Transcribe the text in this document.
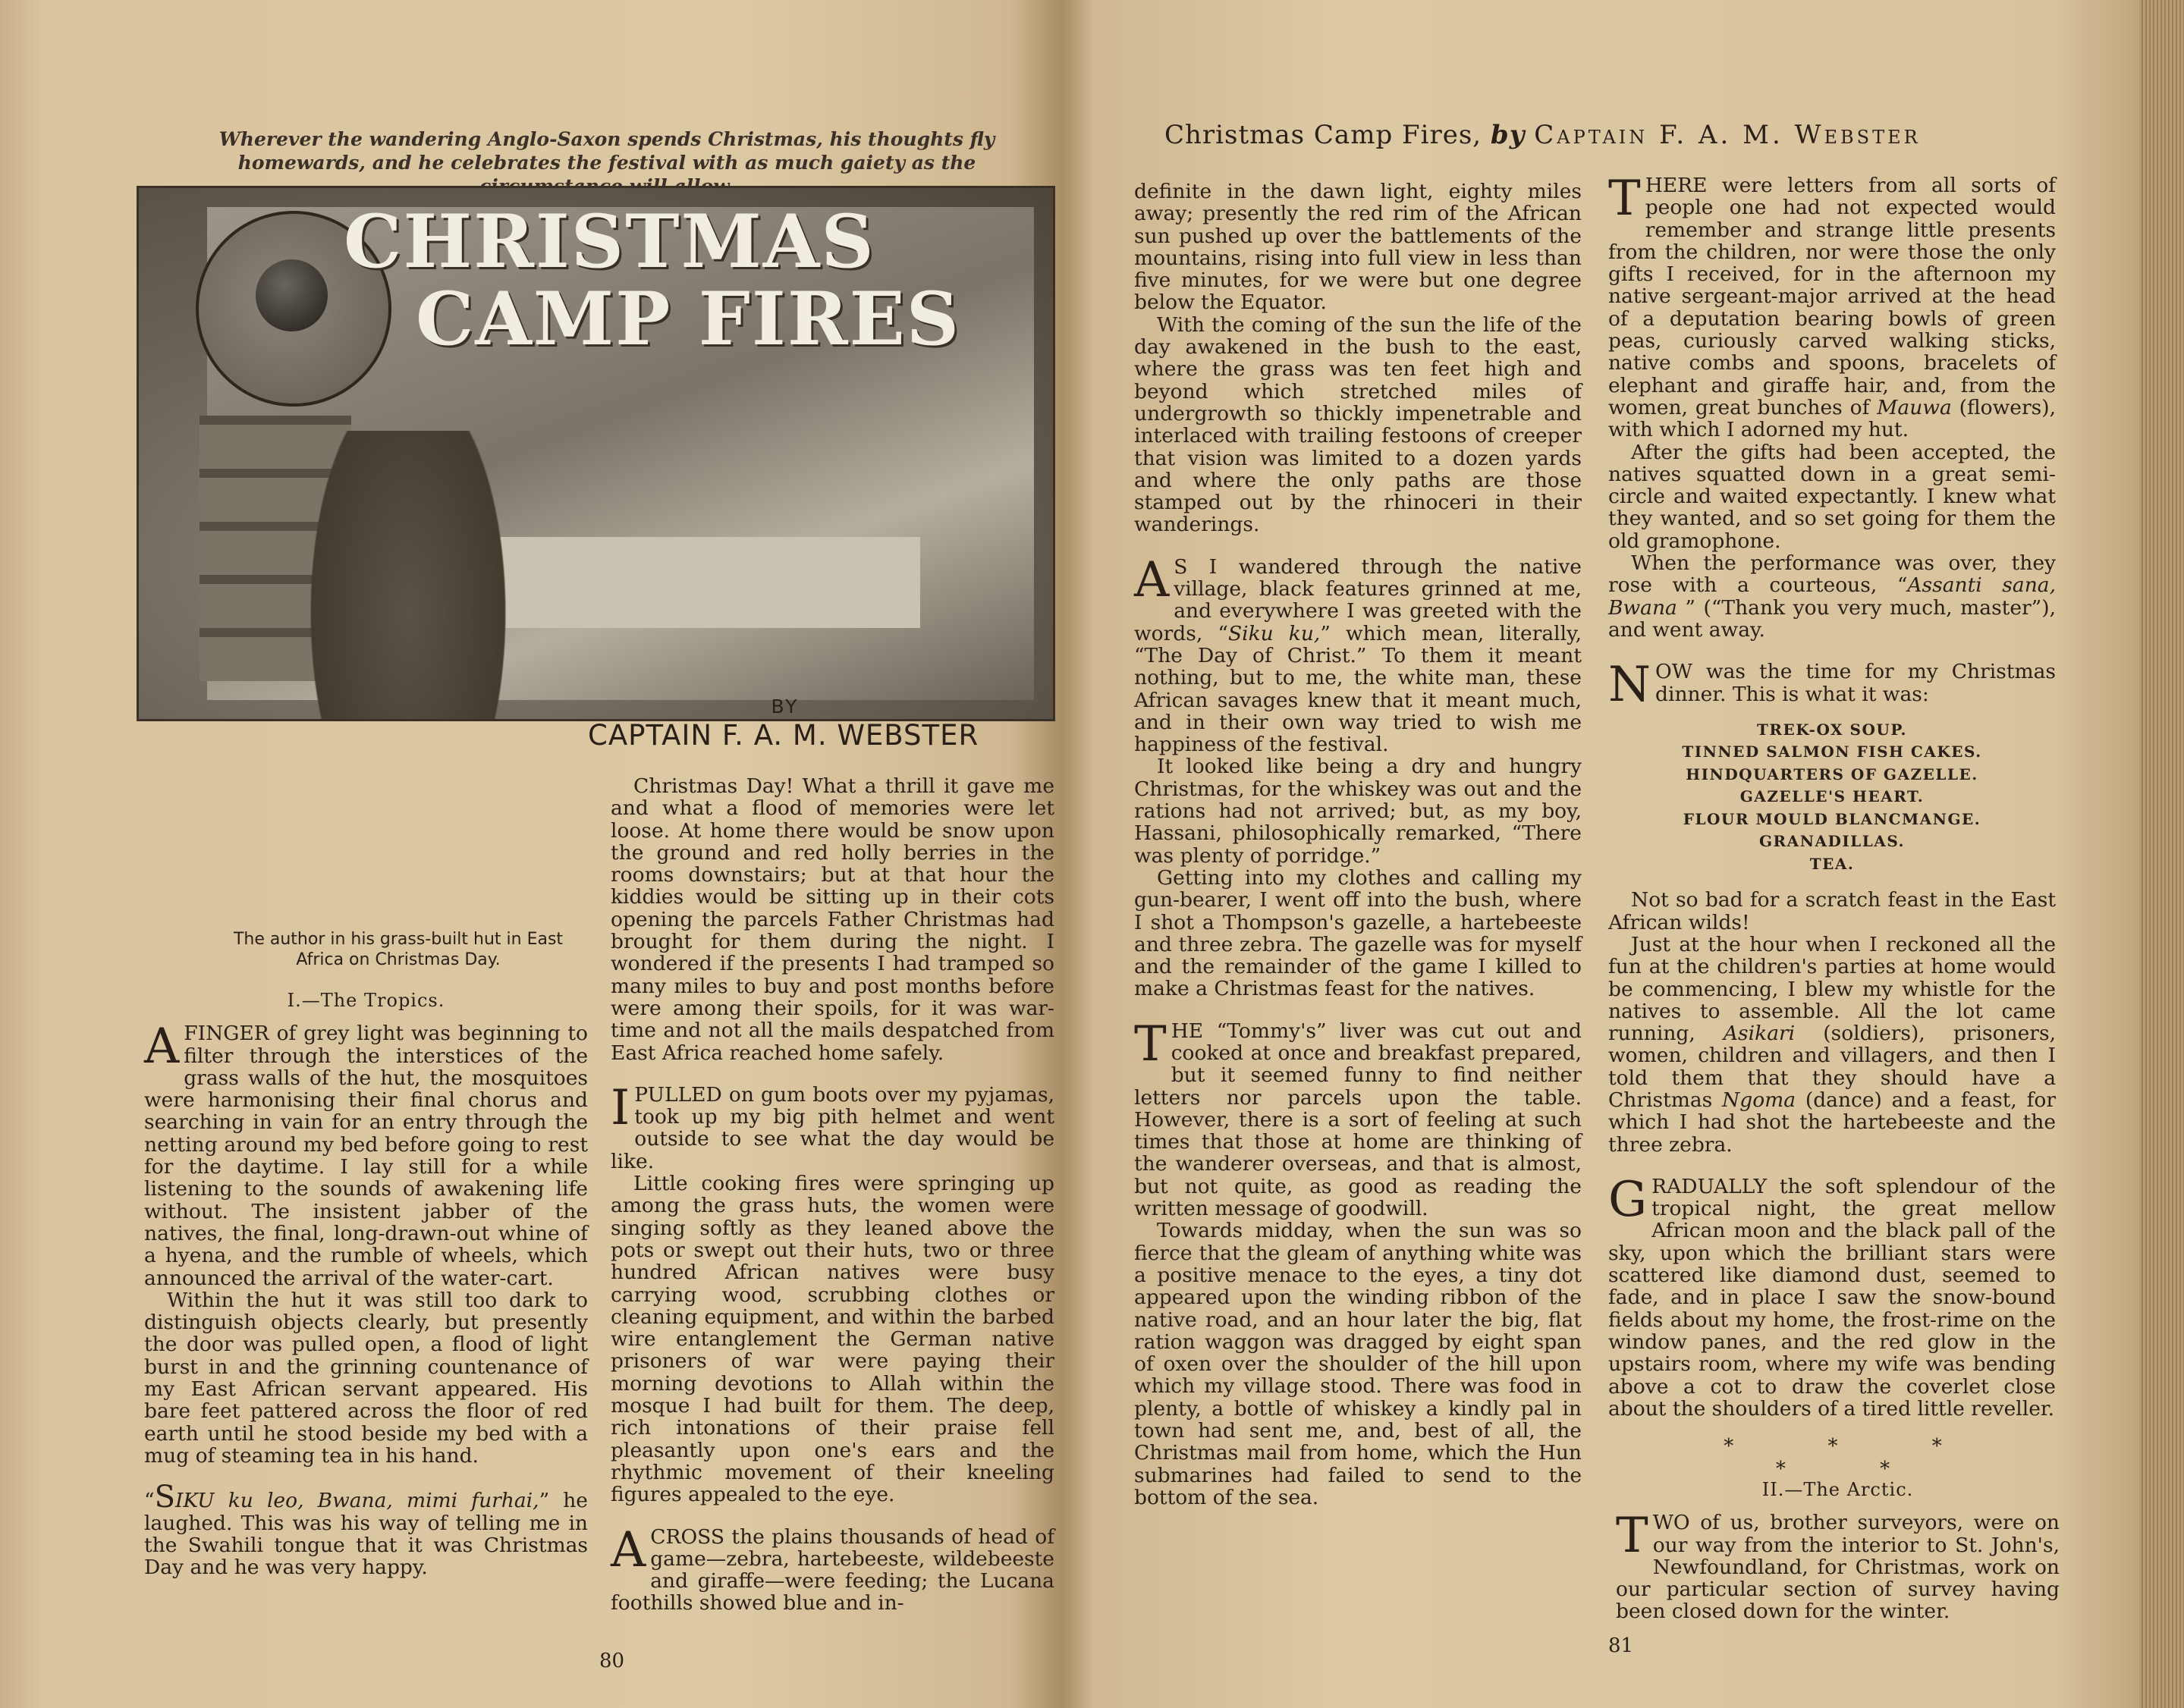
Wherever the wandering Anglo-Saxon spends Christmas, his thoughts fly homewards, and he celebrates the festival with as much gaiety as the
CHRISTMAS
CAMP FIRES
The author in his grass-built hut in East Africa on Christmas Day.
BY
CAPTAIN F. A. M. WEBSTER
I.—The Tropics.

AFINGER of grey light was beginning to filter through the interstices of the grass walls of the hut, the mosquitoes were harmonising their final chorus and searching in vain for an entry through the netting around my bed before going to rest for the daytime. I lay still for a while listening to the sounds of awakening life without. The insistent jabber of the natives, the final, long-drawn-out whine of a hyena, and the rumble of wheels, which announced the arrival of the water-cart.

Within the hut it was still too dark to distinguish objects clearly, but presently the door was pulled open, a flood of light burst in and the grinning countenance of my East African servant appeared. His bare feet pattered across the floor of red earth until he stood beside my bed with a mug of steaming tea in his hand.

“SIKU ku leo, Bwana, mimi furhai,” he laughed. This was his way of telling me in the Swahili tongue that it was Christmas Day and he was very happy.

Christmas Day! What a thrill it gave me and what a flood of memories were let loose. At home there would be snow upon the ground and red holly berries in the rooms downstairs; but at that hour the kiddies would be sitting up in their cots opening the parcels Father Christmas had brought for them during the night. I wondered if the presents I had tramped so many miles to buy and post months before were among their spoils, for it was war-time and not all the mails despatched from East Africa reached home safely.

IPULLED on gum boots over my pyjamas, took up my big pith helmet and went outside to see what the day would be like.

Little cooking fires were springing up among the grass huts, the women were singing softly as they leaned above the pots or swept out their huts, two or three hundred African natives were busy carrying wood, scrubbing clothes or cleaning equipment, and within the barbed wire entanglement the German native prisoners of war were paying their morning devotions to Allah within the mosque I had built for them. The deep, rich intonations of their praise fell pleasantly upon one's ears and the rhythmic movement of their kneeling figures appealed to the eye.

ACROSS the plains thousands of head of game—zebra, hartebeeste, wildebeeste and giraffe—were feeding; the Lucana foothills showed blue and in-

80
Christmas Camp Fires, by Captain F. A. M. Webster

definite in the dawn light, eighty miles away; presently the red rim of the African sun pushed up over the battlements of the mountains, rising into full view in less than five minutes, for we were but one degree below the Equator.

With the coming of the sun the life of the day awakened in the bush to the east, where the grass was ten feet high and beyond which stretched miles of undergrowth so thickly impenetrable and interlaced with trailing festoons of creeper that vision was limited to a dozen yards and where the only paths are those stamped out by the rhinoceri in their wanderings.

A S I wandered through the native village, black features grinned at me, and everywhere I was greeted with the words, “Siku ku,” which mean, literally, “The Day of Christ.” To them it meant nothing, but to me, the white man, these African savages knew that it meant much, and in their own way tried to wish me happiness of the festival.

It looked like being a dry and hungry Christmas, for the whiskey was out and the rations had not arrived; but, as my boy, Hassani, philosophically remarked, “There was plenty of porridge.”

Getting into my clothes and calling my gun-bearer, I went off into the bush, where I shot a Thompson's gazelle, a hartebeeste and three zebra. The gazelle was for myself and the remainder of the game I killed to make a Christmas feast for the natives.

THE “Tommy's” liver was cut out and cooked at once and breakfast prepared, but it seemed funny to find neither letters nor parcels upon the table. However, there is a sort of feeling at such times that those at home are thinking of the wanderer overseas, and that is almost, but not quite, as good as reading the written message of goodwill.

Towards midday, when the sun was so fierce that the gleam of anything white was a positive menace to the eyes, a tiny dot appeared upon the winding ribbon of the native road, and an hour later the big, flat ration waggon was dragged by eight span of oxen over the shoulder of the hill upon which my village stood. There was food in plenty, a bottle of whiskey a kindly pal in town had sent me, and, best of all, the Christmas mail from home, which the Hun submarines had failed to send to the bottom of the sea.

THERE were letters from all sorts of people one had not expected would remember and strange little presents from the children, nor were those the only gifts I received, for in the afternoon my native sergeant-major arrived at the head of a deputation bearing bowls of green peas, curiously carved walking sticks, native combs and spoons, bracelets of elephant and giraffe hair, and, from the women, great bunches of Mauwa (flowers), with which I adorned my hut.

After the gifts had been accepted, the natives squatted down in a great semi-circle and waited expectantly. I knew what they wanted, and so set going for them the old gramophone.

When the performance was over, they rose with a courteous, “Assanti sana, Bwana ” (“Thank you very much, master”), and went away.

NOW was the time for my Christmas dinner. This is what it was:

TREK-OX SOUP.
TINNED SALMON FISH CAKES.
HINDQUARTERS OF GAZELLE.
GAZELLE'S HEART.
FLOUR MOULD BLANCMANGE.
GRANADILLAS.
TEA.

Not so bad for a scratch feast in the East African wilds!

Just at the hour when I reckoned all the fun at the children's parties at home would be commencing, I blew my whistle for the natives to assemble. All the lot came running, Asikari (soldiers), prisoners, women, children and villagers, and then I told them that they should have a Christmas Ngoma (dance) and a feast, for which I had shot the hartebeeste and the three zebra.

GRADUALLY the soft splendour of the tropical night, the great mellow African moon and the black pall of the sky, upon which the brilliant stars were scattered like diamond dust, seemed to fade, and in place I saw the snow-bound fields about my home, the frost-rime on the window panes, and the red glow in the upstairs room, where my wife was bending above a cot to draw the coverlet close about the shoulders of a tired little reveller.

* * * * *
II.—The Arctic.

TWO of us, brother surveyors, were on our way from the interior to St. John's, Newfoundland, for Christmas, work on our particular section of survey having been closed down for the winter.

81
